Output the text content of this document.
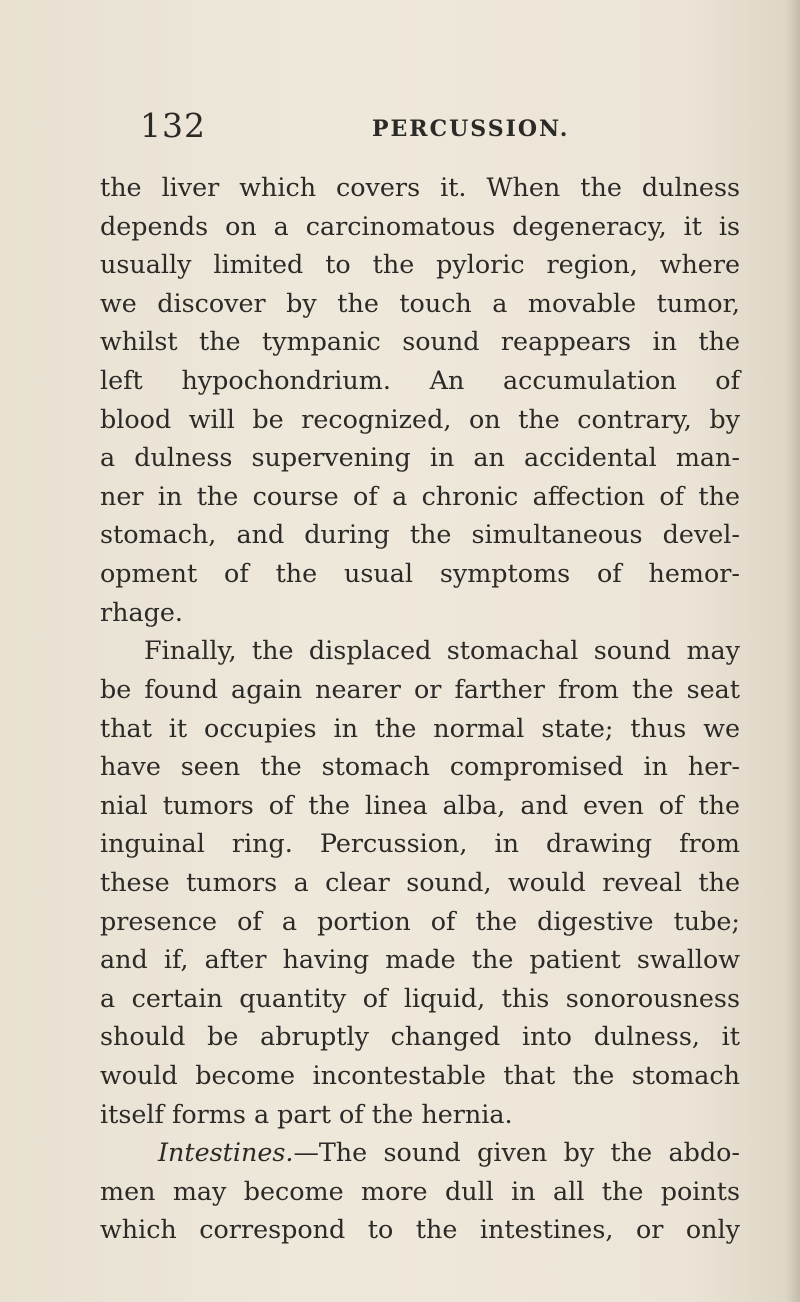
132	PERCUSSION.
the liver which covers it. When the dulness
depends on a carcinomatous degeneracy, it is
usually limited to the pyloric region, where
we discover by the touch a movable tumor,
whilst the tympanic sound reappears in the
left hypochondrium. An accumulation of
blood will be recognized, on the contrary, by
a dulness supervening in an accidental man-
ner in the course of a chronic affection of the
stomach, and during the simultaneous devel-
opment of the usual symptoms of hemor-
rhage.
Finally, the displaced stomachal sound may
be found again nearer or farther from the seat
that it occupies in the normal state; thus we
have seen the stomach compromised in her-
nial tumors of the linea alba, and even of the
inguinal ring. Percussion, in drawing from
these tumors a clear sound, would reveal the
presence of a portion of the digestive tube;
and if, after having made the patient swallow
a certain quantity of liquid, this sonorousness
should be abruptly changed into dulness, it
would become incontestable that the stomach
itself forms a part of the hernia.
Intestines.—The sound given by the abdo-
men may become more dull in all the points
which correspond to the intestines, or only
